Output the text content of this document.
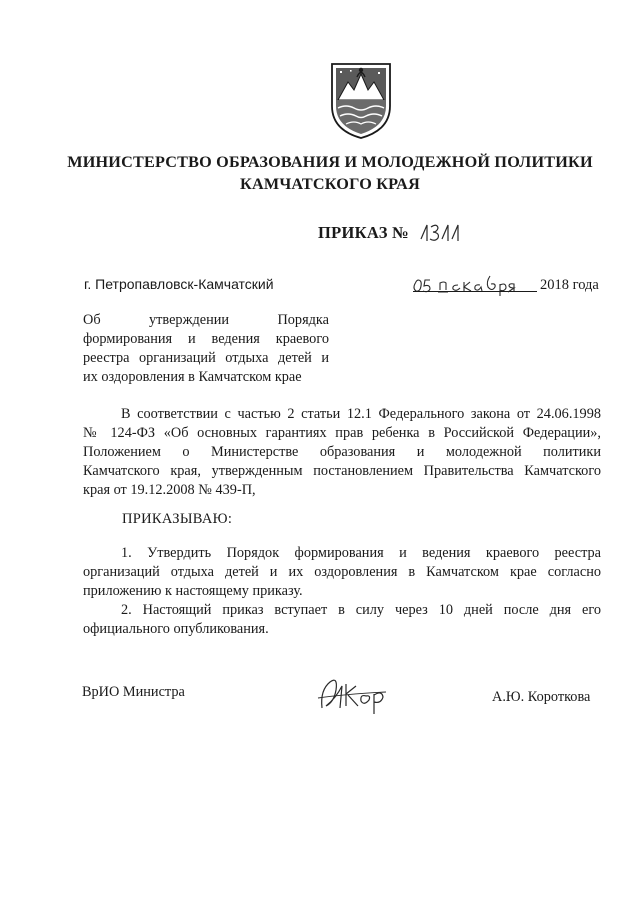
МИНИСТЕРСТВО ОБРАЗОВАНИЯ И МОЛОДЕЖНОЙ ПОЛИТИКИ
КАМЧАТСКОГО КРАЯ
ПРИКАЗ №
г. Петропавловск-Камчатский	2018 года
Об утверждении Порядка
формирования и ведения краевого
реестра организаций отдыха детей и
их оздоровления в Камчатском крае
В соответствии с частью 2 статьи 12.1 Федерального закона от 24.06.1998
№ 124-ФЗ «Об основных гарантиях прав ребенка в Российской Федерации»,
Положением о Министерстве образования и молодежной политики
Камчатского края, утвержденным постановлением Правительства Камчатского
края от 19.12.2008 № 439-П,
ПРИКАЗЫВАЮ:
1. Утвердить Порядок формирования и ведения краевого реестра
организаций отдыха детей и их оздоровления в Камчатском крае согласно
приложению к настоящему приказу.
2. Настоящий приказ вступает в силу через 10 дней после дня его
официального опубликования.
ВрИО Министра	А.Ю. Короткова
